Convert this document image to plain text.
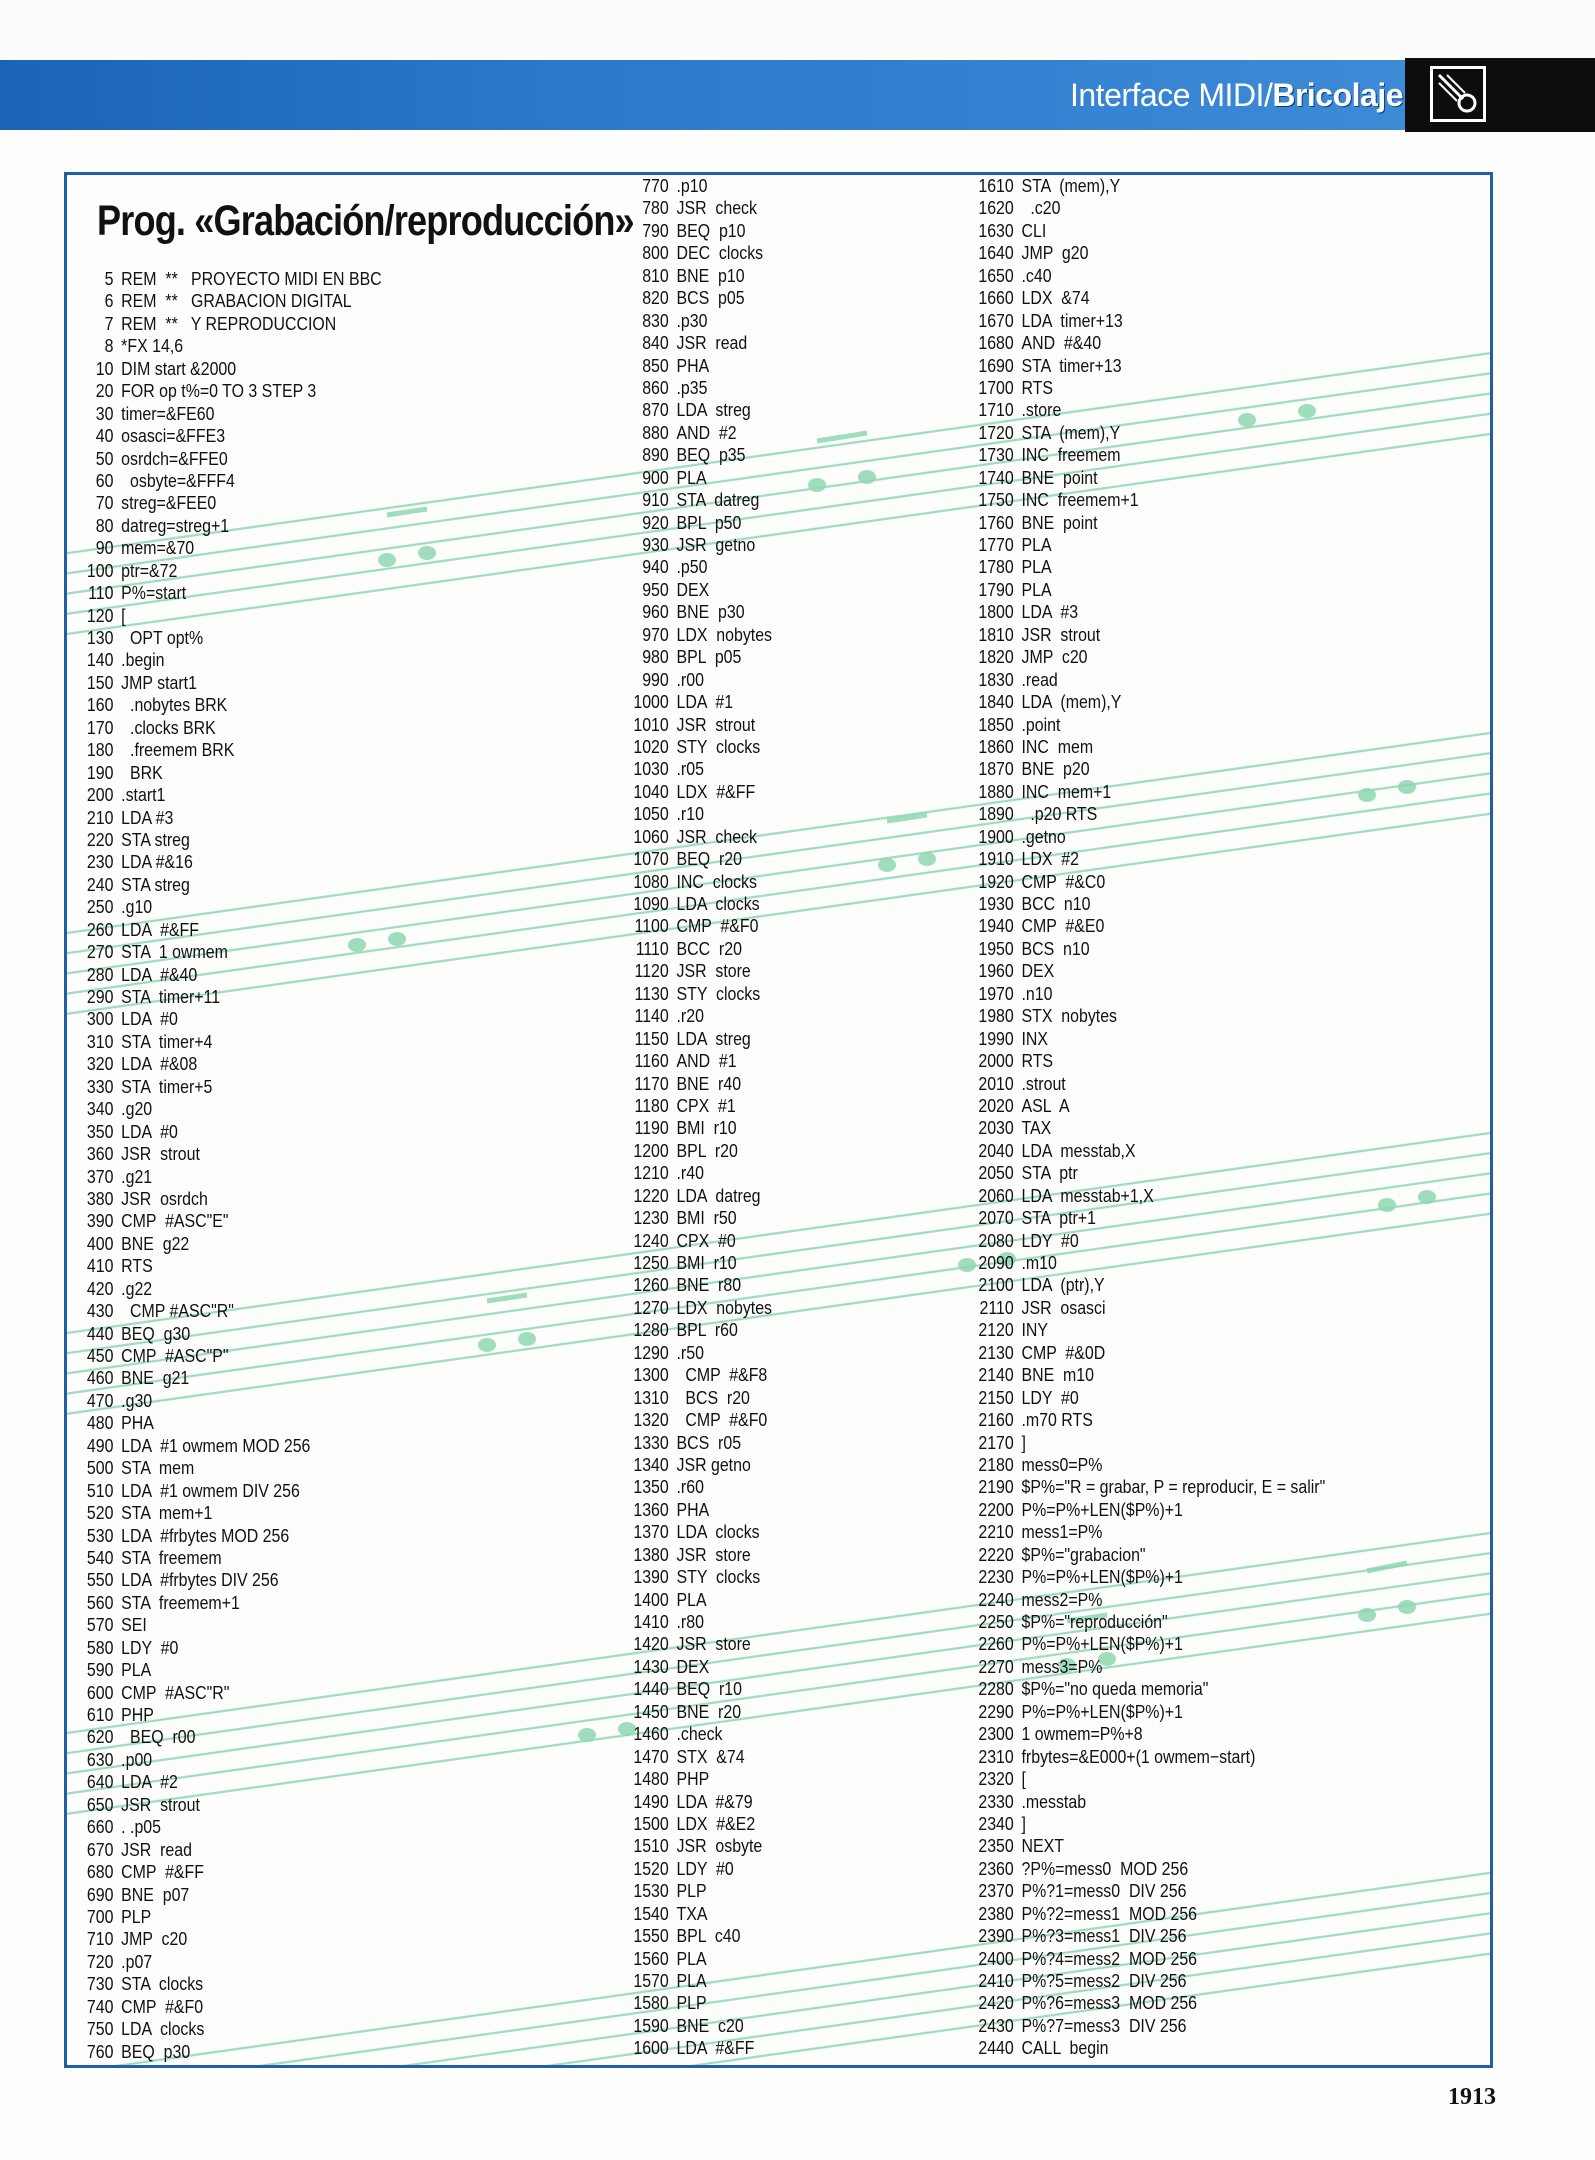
Interface MIDI/Bricolaje
Prog. «Grabación/reproducción»
5 REM  **   PROYECTO MIDI EN BBC
6 REM  **   GRABACION DIGITAL
7 REM  **   Y REPRODUCCION
8 *FX 14,6
10 DIM start &2000
20 FOR op t%=0 TO 3 STEP 3
30 timer=&FE60
40 osasci=&FFE3
50 osrdch=&FFE0
60  osbyte=&FFF4
70 streg=&FEE0
80 datreg=streg+1
90 mem=&70
100 ptr=&72
110 P%=start
120 [
130  OPT opt%
140 .begin
150 JMP start1
160  .nobytes BRK
170  .clocks BRK
180  .freemem BRK
190  BRK
200 .start1
210 LDA #3
220 STA streg
230 LDA #&16
240 STA streg
250 .g10
260 LDA  #&FF
270 STA  1 owmem
280 LDA  #&40
290 STA  timer+11
300 LDA  #0
310 STA  timer+4
320 LDA  #&08
330 STA  timer+5
340 .g20
350 LDA  #0
360 JSR  strout
370 .g21
380 JSR  osrdch
390 CMP  #ASC"E"
400 BNE  g22
410 RTS
420 .g22
430  CMP #ASC"R"
440 BEQ  g30
450 CMP  #ASC"P"
460 BNE  g21
470 .g30
480 PHA
490 LDA  #1 owmem MOD 256
500 STA  mem
510 LDA  #1 owmem DIV 256
520 STA  mem+1
530 LDA  #frbytes MOD 256
540 STA  freemem
550 LDA  #frbytes DIV 256
560 STA  freemem+1
570 SEI
580 LDY  #0
590 PLA
600 CMP  #ASC"R"
610 PHP
620  BEQ  r00
630 .p00
640 LDA  #2
650 JSR  strout
660 . .p05
670 JSR  read
680 CMP  #&FF
690 BNE  p07
700 PLP
710 JMP  c20
720 .p07
730 STA  clocks
740 CMP  #&F0
750 LDA  clocks
760 BEQ  p30
770 .p10
780 JSR  check
790 BEQ  p10
800 DEC  clocks
810 BNE  p10
820 BCS  p05
830 .p30
840 JSR  read
850 PHA
860 .p35
870 LDA  streg
880 AND  #2
890 BEQ  p35
900 PLA
910 STA  datreg
920 BPL  p50
930 JSR  getno
940 .p50
950 DEX
960 BNE  p30
970 LDX  nobytes
980 BPL  p05
990 .r00
1000 LDA  #1
1010 JSR  strout
1020 STY  clocks
1030 .r05
1040 LDX  #&FF
1050 .r10
1060 JSR  check
1070 BEQ  r20
1080 INC  clocks
1090 LDA  clocks
1100 CMP  #&F0
1110 BCC  r20
1120 JSR  store
1130 STY  clocks
1140 .r20
1150 LDA  streg
1160 AND  #1
1170 BNE  r40
1180 CPX  #1
1190 BMI  r10
1200 BPL  r20
1210 .r40
1220 LDA  datreg
1230 BMI  r50
1240 CPX  #0
1250 BMI  r10
1260 BNE  r80
1270 LDX  nobytes
1280 BPL  r60
1290 .r50
1300  CMP  #&F8
1310  BCS  r20
1320  CMP  #&F0
1330 BCS  r05
1340 JSR getno
1350 .r60
1360 PHA
1370 LDA  clocks
1380 JSR  store
1390 STY  clocks
1400 PLA
1410 .r80
1420 JSR  store
1430 DEX
1440 BEQ  r10
1450 BNE  r20
1460 .check
1470 STX  &74
1480 PHP
1490 LDA  #&79
1500 LDX  #&E2
1510 JSR  osbyte
1520 LDY  #0
1530 PLP
1540 TXA
1550 BPL  c40
1560 PLA
1570 PLA
1580 PLP
1590 BNE  c20
1600 LDA  #&FF
1610 STA  (mem),Y
1620  .c20
1630 CLI
1640 JMP  g20
1650 .c40
1660 LDX  &74
1670 LDA  timer+13
1680 AND  #&40
1690 STA  timer+13
1700 RTS
1710 .store
1720 STA  (mem),Y
1730 INC  freemem
1740 BNE  point
1750 INC  freemem+1
1760 BNE  point
1770 PLA
1780 PLA
1790 PLA
1800 LDA  #3
1810 JSR  strout
1820 JMP  c20
1830 .read
1840 LDA  (mem),Y
1850 .point
1860 INC  mem
1870 BNE  p20
1880 INC  mem+1
1890  .p20 RTS
1900 .getno
1910 LDX  #2
1920 CMP  #&C0
1930 BCC  n10
1940 CMP  #&E0
1950 BCS  n10
1960 DEX
1970 .n10
1980 STX  nobytes
1990 INX
2000 RTS
2010 .strout
2020 ASL  A
2030 TAX
2040 LDA  messtab,X
2050 STA  ptr
2060 LDA  messtab+1,X
2070 STA  ptr+1
2080 LDY  #0
2090 .m10
2100 LDA  (ptr),Y
2110 JSR  osasci
2120 INY
2130 CMP  #&0D
2140 BNE  m10
2150 LDY  #0
2160 .m70 RTS
2170 ]
2180 mess0=P%
2190 $P%="R = grabar, P = reproducir, E = salir"
2200 P%=P%+LEN($P%)+1
2210 mess1=P%
2220 $P%="grabacion"
2230 P%=P%+LEN($P%)+1
2240 mess2=P%
2250 $P%="reproducción"
2260 P%=P%+LEN($P%)+1
2270 mess3=P%
2280 $P%="no queda memoria"
2290 P%=P%+LEN($P%)+1
2300 1 owmem=P%+8
2310 frbytes=&E000+(1 owmem−start)
2320 [
2330 .messtab
2340 ]
2350 NEXT
2360 ?P%=mess0  MOD 256
2370 P%?1=mess0  DIV 256
2380 P%?2=mess1  MOD 256
2390 P%?3=mess1  DIV 256
2400 P%?4=mess2  MOD 256
2410 P%?5=mess2  DIV 256
2420 P%?6=mess3  MOD 256
2430 P%?7=mess3  DIV 256
2440 CALL  begin
1913
